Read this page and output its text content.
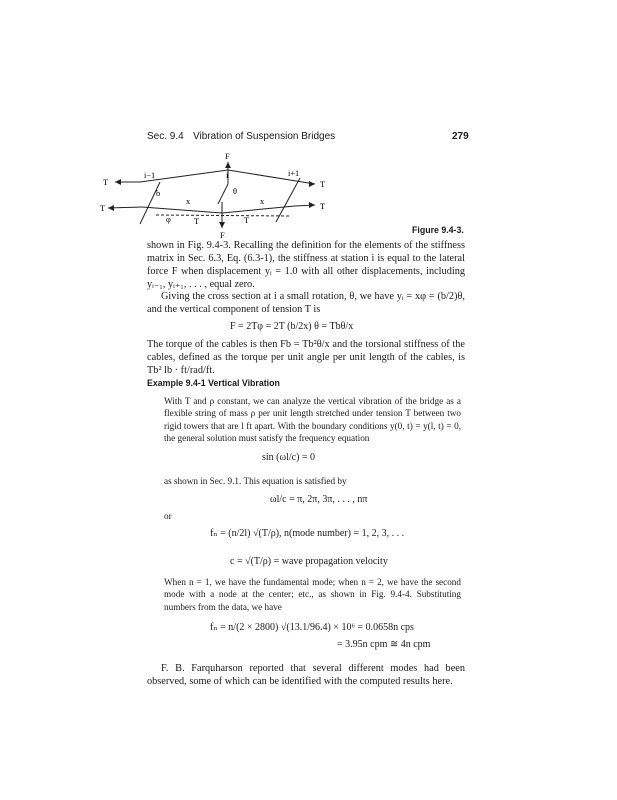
Sec. 9.4 Vibration of Suspension Bridges	279
F
T
i−1	i	i+1
T
b	θ
T
x	x
T
φ	T	T
F
Figure 9.4-3.
shown in Fig. 9.4-3. Recalling the definition for the elements of the stiffness matrix in Sec. 6.3, Eq. (6.3-1), the stiffness at station i is equal to the lateral force F when displacement yᵢ = 1.0 with all other displacements, including yᵢ₋₁, yᵢ₊₁, . . . , equal zero.
Giving the cross section at i a small rotation, θ, we have yᵢ = xφ = (b/2)θ, and the vertical component of tension T is
F = 2Tφ = 2T (b/2x) θ = Tbθ/x
The torque of the cables is then Fb = Tb²θ/x and the torsional stiffness of the cables, defined as the torque per unit angle per unit length of the cables, is Tb² lb · ft/rad/ft.
Example 9.4-1 Vertical Vibration
With T and ρ constant, we can analyze the vertical vibration of the bridge as a flexible string of mass ρ per unit length stretched under tension T between two rigid towers that are l ft apart. With the boundary conditions y(0, t) = y(l, t) = 0, the general solution must satisfy the frequency equation
sin (ωl/c) = 0
as shown in Sec. 9.1. This equation is satisfied by
ωl/c = π, 2π, 3π, . . . , nπ
or
fₙ = (n/2l) √(T/ρ), n(mode number) = 1, 2, 3, . . .
c = √(T/ρ) = wave propagation velocity
When n = 1, we have the fundamental mode; when n = 2, we have the second mode with a node at the center; etc., as shown in Fig. 9.4-4. Substituting numbers from the data, we have
fₙ = n/(2 × 2800) √(13.1/96.4) × 10⁶ = 0.0658n cps
= 3.95n cpm ≅ 4n cpm
F. B. Farquharson reported that several different modes had been observed, some of which can be identified with the computed results here.
